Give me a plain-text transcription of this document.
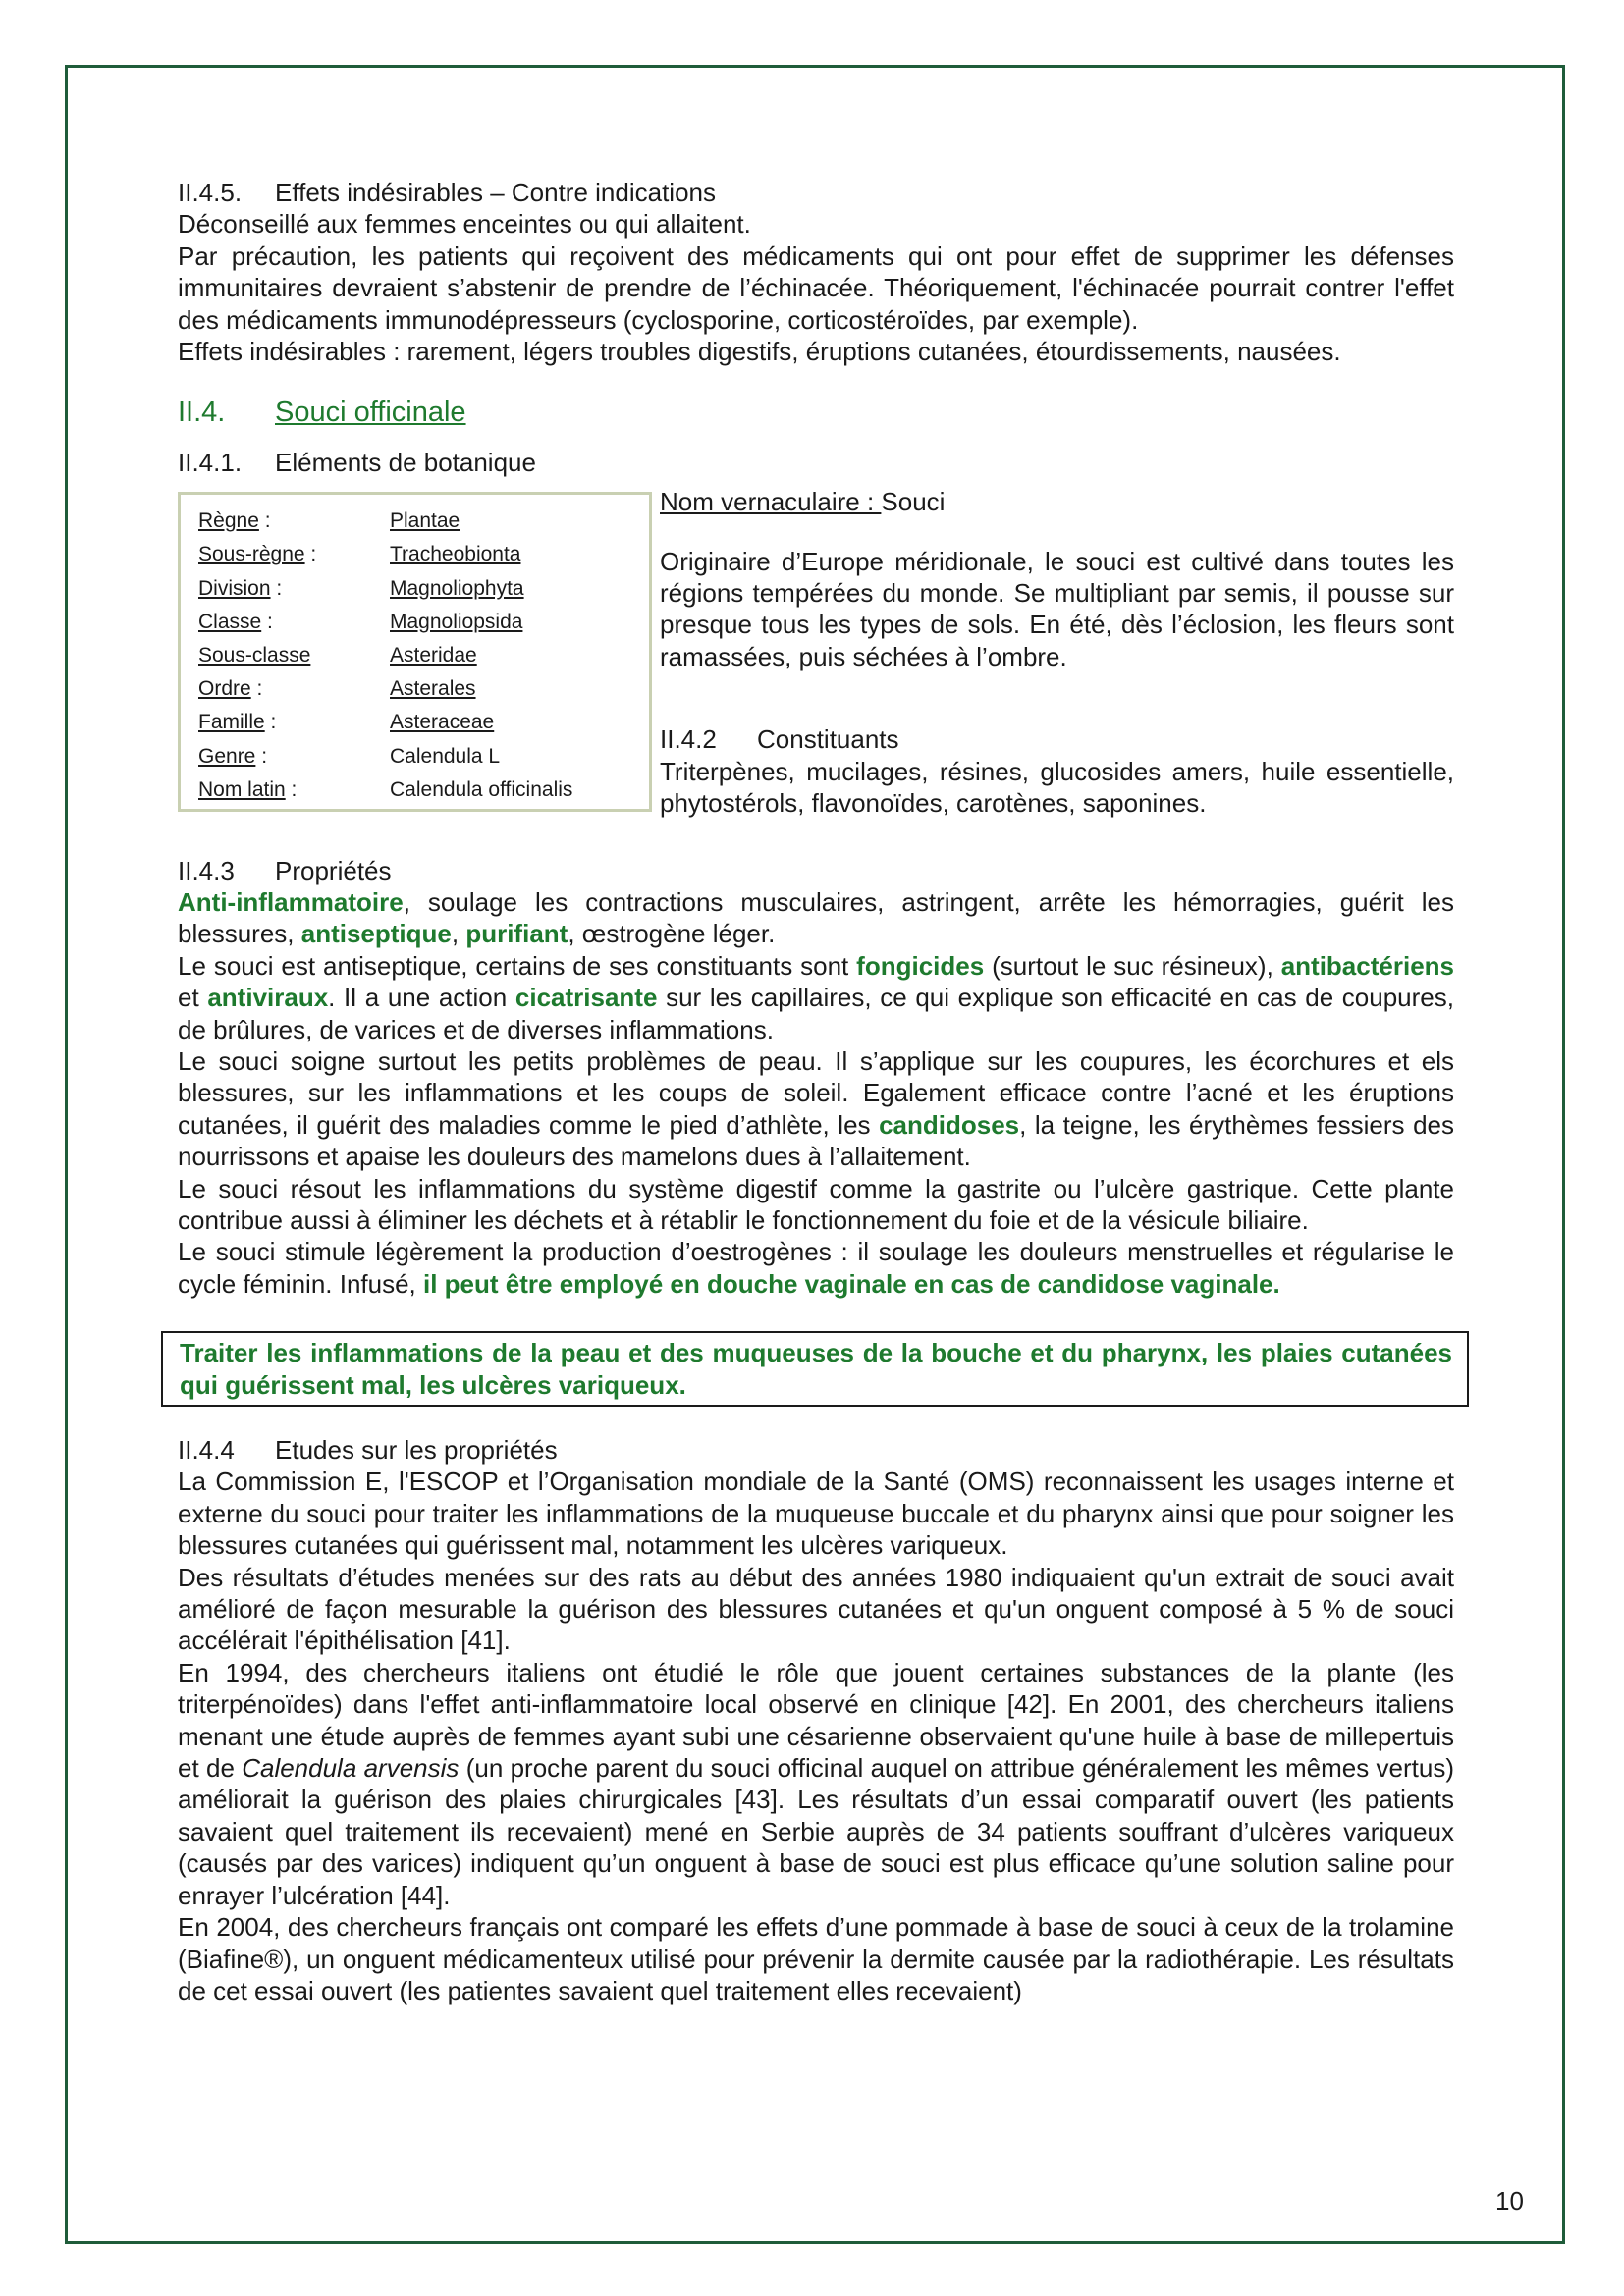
II.4.5. Effets indésirables – Contre indications

Déconseillé aux femmes enceintes ou qui allaitent.

Par précaution, les patients qui reçoivent des médicaments qui ont pour effet de supprimer les défenses immunitaires devraient s’abstenir de prendre de l’échinacée. Théoriquement, l'échinacée pourrait contrer l'effet des médicaments immunodépresseurs (cyclosporine, corticostéroïdes, par exemple).

Effets indésirables : rarement, légers troubles digestifs, éruptions cutanées, étourdissements, nausées.

II.4. Souci officinale

II.4.1. Eléments de botanique

Règne :	Plantae
Sous-règne :	Tracheobionta
Division :	Magnoliophyta
Classe :	Magnoliopsida
Sous-classe	Asteridae
Ordre :	Asterales
Famille :	Asteraceae
Genre :	Calendula L
Nom latin :	Calendula officinalis

Nom vernaculaire : Souci

Originaire d’Europe méridionale, le souci est cultivé dans toutes les régions tempérées du monde. Se multipliant par semis, il pousse sur presque tous les types de sols. En été, dès l’éclosion, les fleurs sont ramassées, puis séchées à l’ombre.

II.4.2 Constituants

Triterpènes, mucilages, résines, glucosides amers, huile essentielle, phytostérols, flavonoïdes, carotènes, saponines.

II.4.3 Propriétés

Anti-inflammatoire, soulage les contractions musculaires, astringent, arrête les hémorragies, guérit les blessures, antiseptique, purifiant, œstrogène léger.

Le souci est antiseptique, certains de ses constituants sont fongicides (surtout le suc résineux), antibactériens et antiviraux. Il a une action cicatrisante sur les capillaires, ce qui explique son efficacité en cas de coupures, de brûlures, de varices et de diverses inflammations.

Le souci soigne surtout les petits problèmes de peau. Il s’applique sur les coupures, les écorchures et els blessures, sur les inflammations et les coups de soleil. Egalement efficace contre l’acné et les éruptions cutanées, il guérit des maladies comme le pied d’athlète, les candidoses, la teigne, les érythèmes fessiers des nourrissons et apaise les douleurs des mamelons dues à l’allaitement.

Le souci résout les inflammations du système digestif comme la gastrite ou l’ulcère gastrique. Cette plante contribue aussi à éliminer les déchets et à rétablir le fonctionnement du foie et de la vésicule biliaire.

Le souci stimule légèrement la production d’oestrogènes : il soulage les douleurs menstruelles et régularise le cycle féminin. Infusé, il peut être employé en douche vaginale en cas de candidose vaginale.

Traiter les inflammations de la peau et des muqueuses de la bouche et du pharynx, les plaies cutanées qui guérissent mal, les ulcères variqueux.

II.4.4 Etudes sur les propriétés

La Commission E, l'ESCOP et l’Organisation mondiale de la Santé (OMS) reconnaissent les usages interne et externe du souci pour traiter les inflammations de la muqueuse buccale et du pharynx ainsi que pour soigner les blessures cutanées qui guérissent mal, notamment les ulcères variqueux.

Des résultats d’études menées sur des rats au début des années 1980 indiquaient qu'un extrait de souci avait amélioré de façon mesurable la guérison des blessures cutanées et qu'un onguent composé à 5 % de souci accélérait l'épithélisation [41].

En 1994, des chercheurs italiens ont étudié le rôle que jouent certaines substances de la plante (les triterpénoïdes) dans l'effet anti-inflammatoire local observé en clinique [42]. En 2001, des chercheurs italiens menant une étude auprès de femmes ayant subi une césarienne observaient qu'une huile à base de millepertuis et de Calendula arvensis (un proche parent du souci officinal auquel on attribue généralement les mêmes vertus) améliorait la guérison des plaies chirurgicales [43]. Les résultats d’un essai comparatif ouvert (les patients savaient quel traitement ils recevaient) mené en Serbie auprès de 34 patients souffrant d’ulcères variqueux (causés par des varices) indiquent qu’un onguent à base de souci est plus efficace qu’une solution saline pour enrayer l’ulcération [44].

En 2004, des chercheurs français ont comparé les effets d’une pommade à base de souci à ceux de la trolamine (Biafine®), un onguent médicamenteux utilisé pour prévenir la dermite causée par la radiothérapie. Les résultats de cet essai ouvert (les patientes savaient quel traitement elles recevaient)

10
